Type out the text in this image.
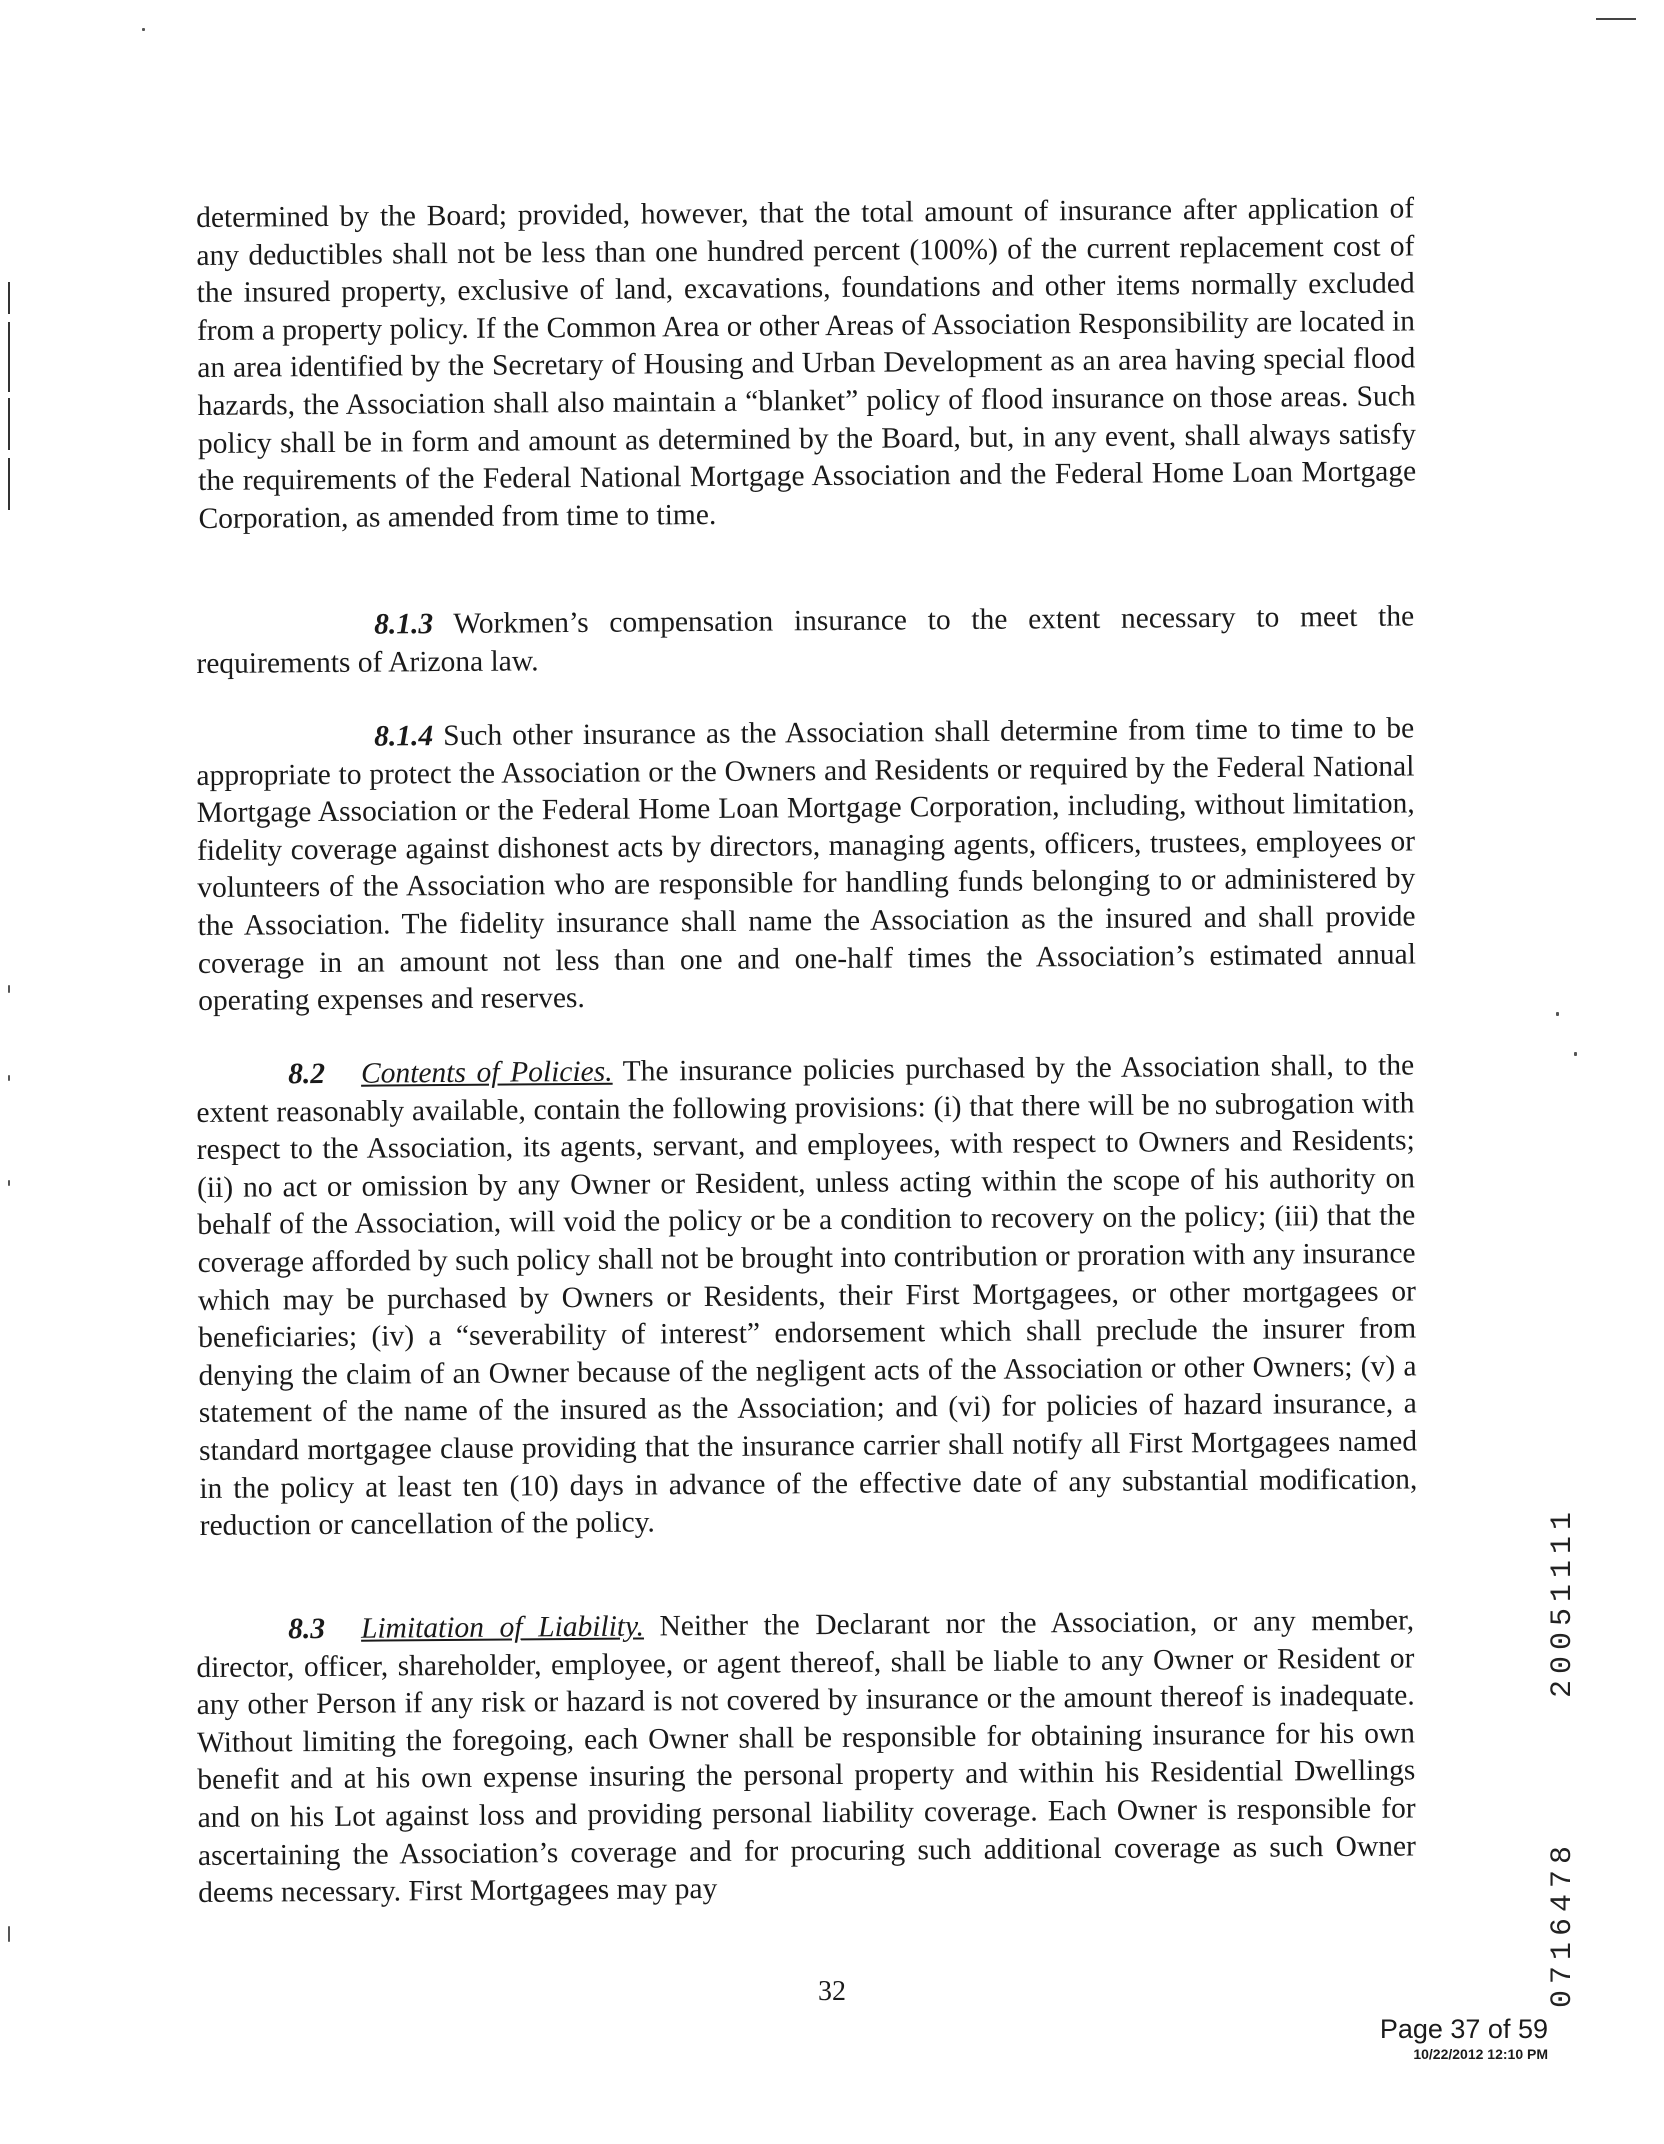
determined by the Board; provided, however, that the total amount of insurance after application of any deductibles shall not be less than one hundred percent (100%) of the current replacement cost of the insured property, exclusive of land, excavations, foundations and other items normally excluded from a property policy. If the Common Area or other Areas of Association Responsibility are located in an area identified by the Secretary of Housing and Urban Development as an area having special flood hazards, the Association shall also maintain a “blanket” policy of flood insurance on those areas. Such policy shall be in form and amount as determined by the Board, but, in any event, shall always satisfy the requirements of the Federal National Mortgage Association and the Federal Home Loan Mortgage Corporation, as amended from time to time.

8.1.3 Workmen’s compensation insurance to the extent necessary to meet the requirements of Arizona law.

8.1.4 Such other insurance as the Association shall determine from time to time to be appropriate to protect the Association or the Owners and Residents or required by the Federal National Mortgage Association or the Federal Home Loan Mortgage Corporation, including, without limitation, fidelity coverage against dishonest acts by directors, managing agents, officers, trustees, employees or volunteers of the Association who are responsible for handling funds belonging to or administered by the Association. The fidelity insurance shall name the Association as the insured and shall provide coverage in an amount not less than one and one-half times the Association’s estimated annual operating expenses and reserves.

8.2 Contents of Policies. The insurance policies purchased by the Association shall, to the extent reasonably available, contain the following provisions: (i) that there will be no subrogation with respect to the Association, its agents, servant, and employees, with respect to Owners and Residents; (ii) no act or omission by any Owner or Resident, unless acting within the scope of his authority on behalf of the Association, will void the policy or be a condition to recovery on the policy; (iii) that the coverage afforded by such policy shall not be brought into contribution or proration with any insurance which may be purchased by Owners or Residents, their First Mortgagees, or other mortgagees or beneficiaries; (iv) a “severability of interest” endorsement which shall preclude the insurer from denying the claim of an Owner because of the negligent acts of the Association or other Owners; (v) a statement of the name of the insured as the Association; and (vi) for policies of hazard insurance, a standard mortgagee clause providing that the insurance carrier shall notify all First Mortgagees named in the policy at least ten (10) days in advance of the effective date of any substantial modification, reduction or cancellation of the policy.

8.3 Limitation of Liability. Neither the Declarant nor the Association, or any member, director, officer, shareholder, employee, or agent thereof, shall be liable to any Owner or Resident or any other Person if any risk or hazard is not covered by insurance or the amount thereof is inadequate. Without limiting the foregoing, each Owner shall be responsible for obtaining insurance for his own benefit and at his own expense insuring the personal property and within his Residential Dwellings and on his Lot against loss and providing personal liability coverage. Each Owner is responsible for ascertaining the Association’s coverage and for procuring such additional coverage as such Owner deems necessary. First Mortgagees may pay

32
Page 37 of 59
10/22/2012 12:10 PM
20051111
0716478
